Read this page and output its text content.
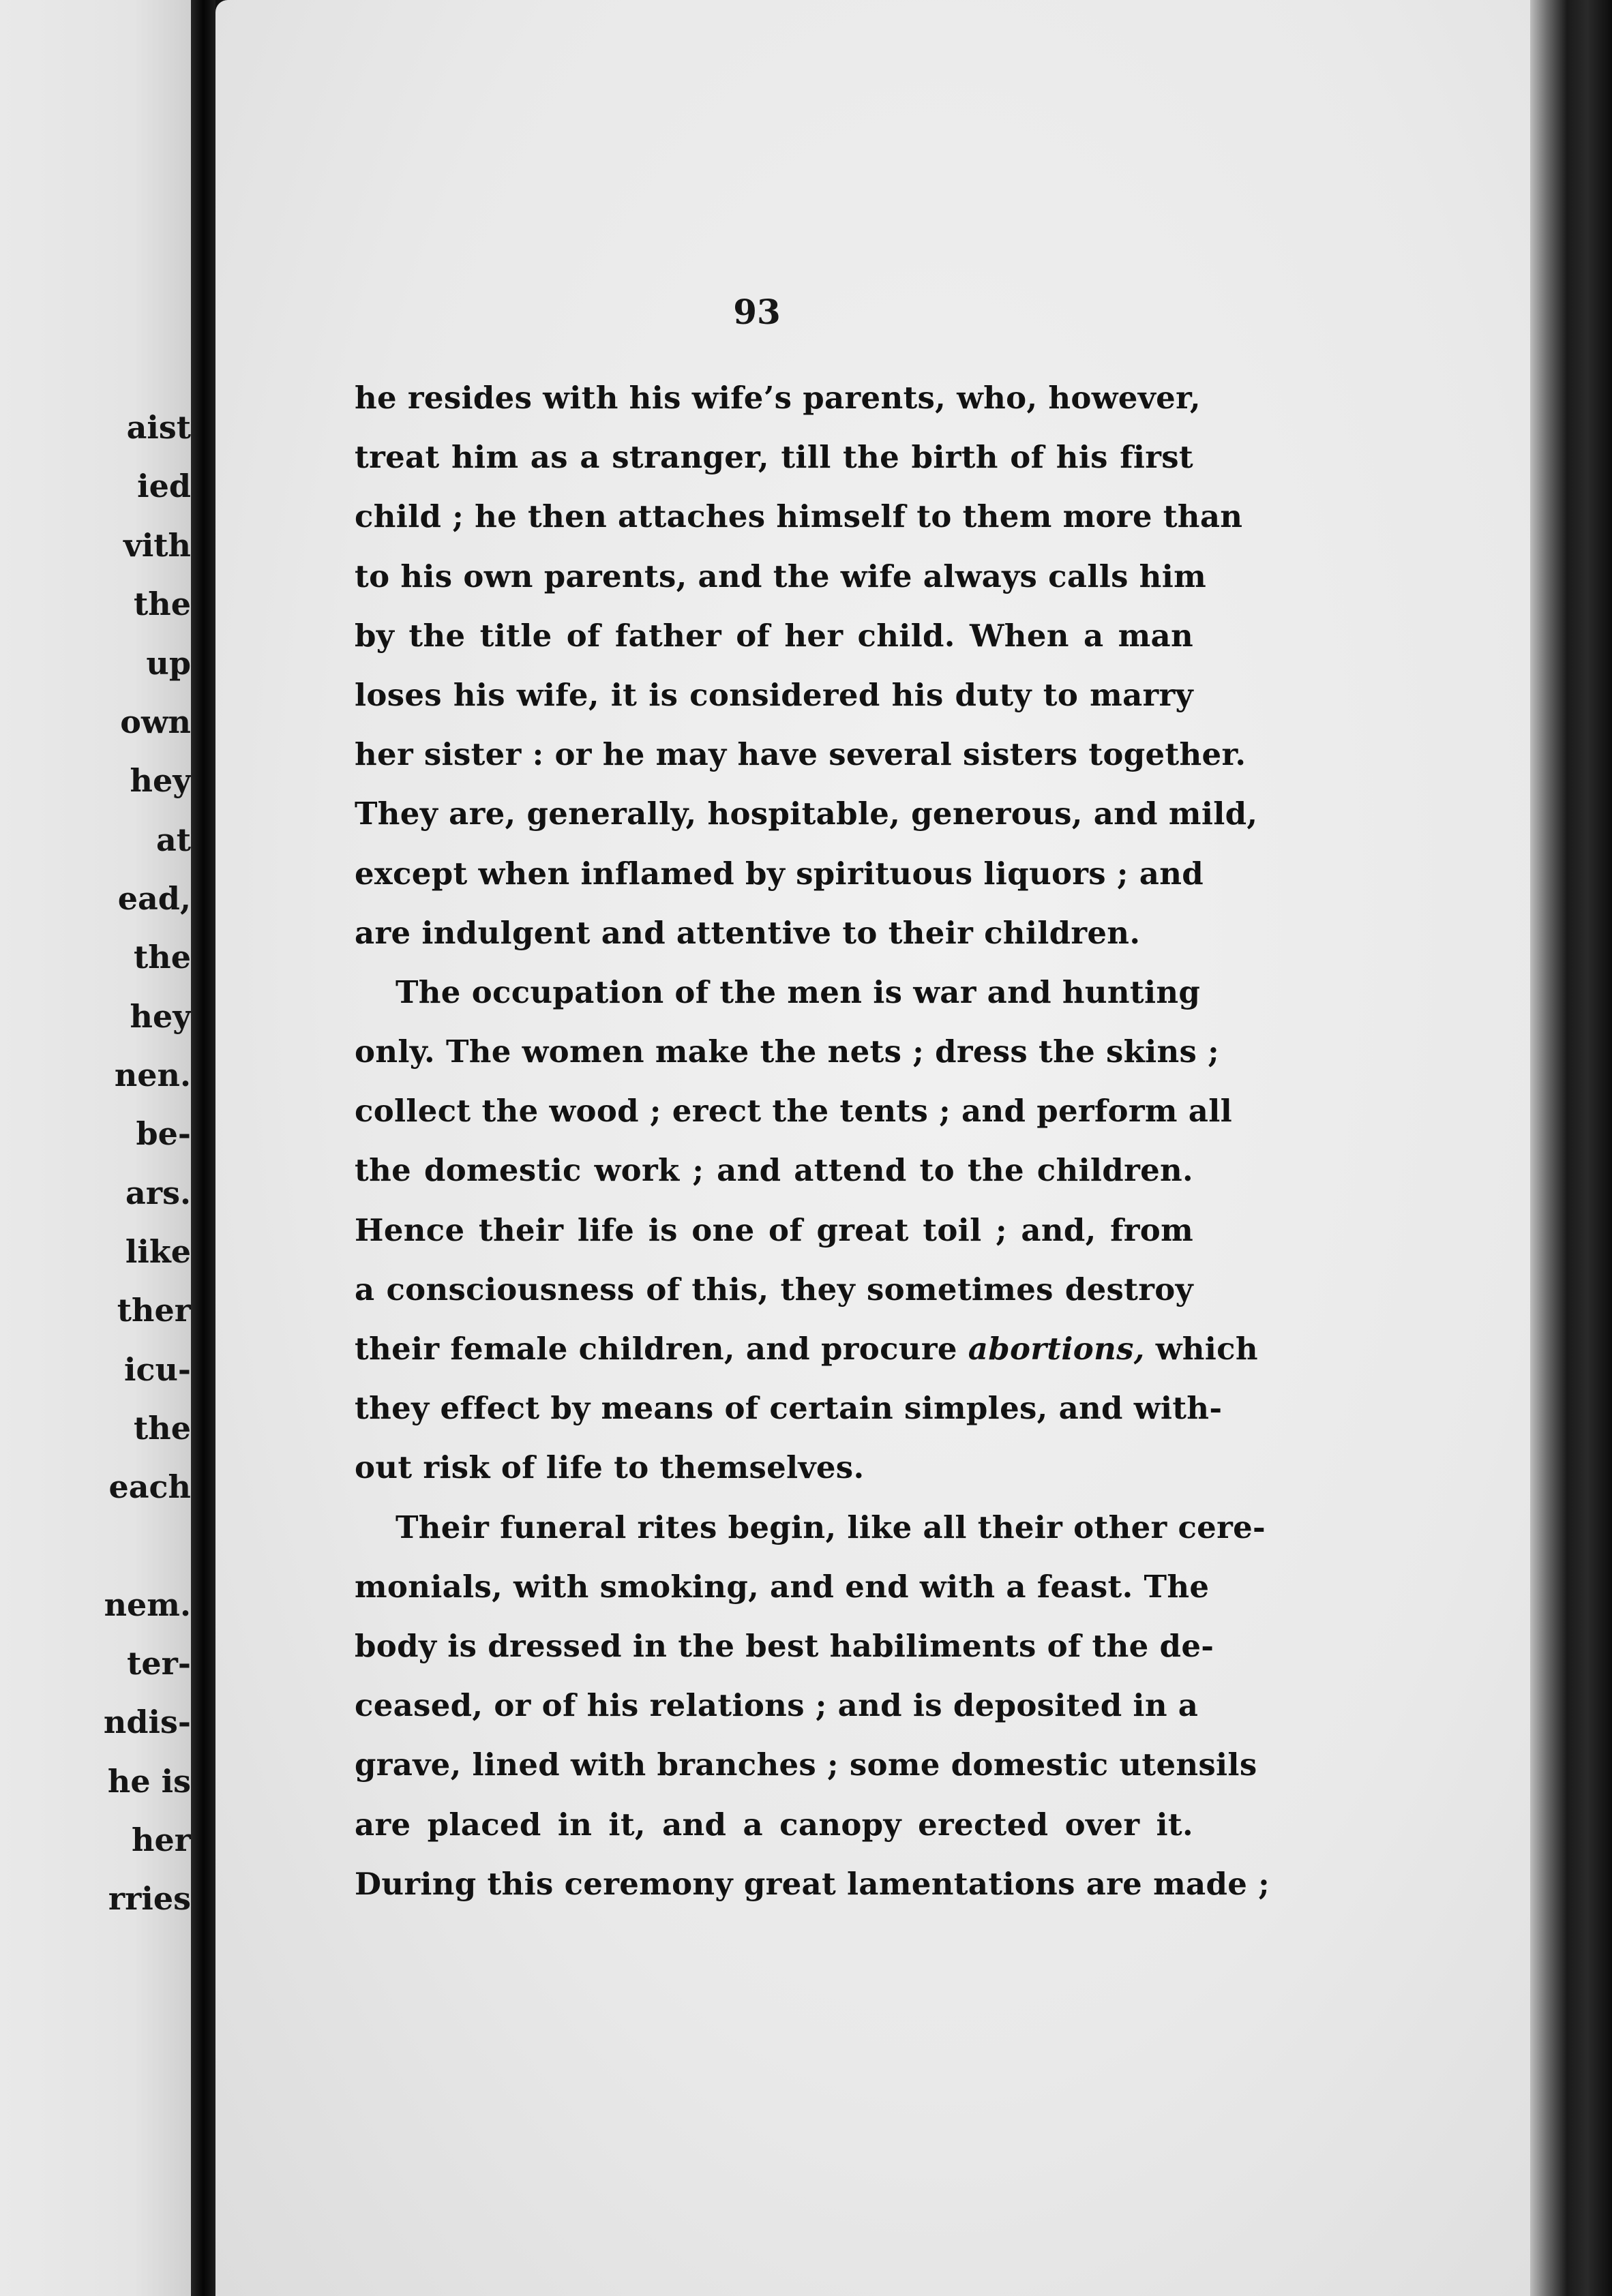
aist
ied
vith
the
up
own
hey
at
ead,
the
hey
nen.
be-
ars.
like
ther
icu-
the
each
nem.
ter-
ndis-
he is
her
rries
93
he resides with his wife’s parents, who, however,
treat him as a stranger, till the birth of his first
child ; he then attaches himself to them more than
to his own parents, and the wife always calls him
by the title of father of her child. When a man
loses his wife, it is considered his duty to marry
her sister : or he may have several sisters together.
They are, generally, hospitable, generous, and mild,
except when inflamed by spirituous liquors ; and
are indulgent and attentive to their children.
The occupation of the men is war and hunting
only. The women make the nets ; dress the skins ;
collect the wood ; erect the tents ; and perform all
the domestic work ; and attend to the children.
Hence their life is one of great toil ; and, from
a consciousness of this, they sometimes destroy
their female children, and procure abortions, which
they effect by means of certain simples, and with-
out risk of life to themselves.
Their funeral rites begin, like all their other cere-
monials, with smoking, and end with a feast. The
body is dressed in the best habiliments of the de-
ceased, or of his relations ; and is deposited in a
grave, lined with branches ; some domestic utensils
are placed in it, and a canopy erected over it.
During this ceremony great lamentations are made ;
